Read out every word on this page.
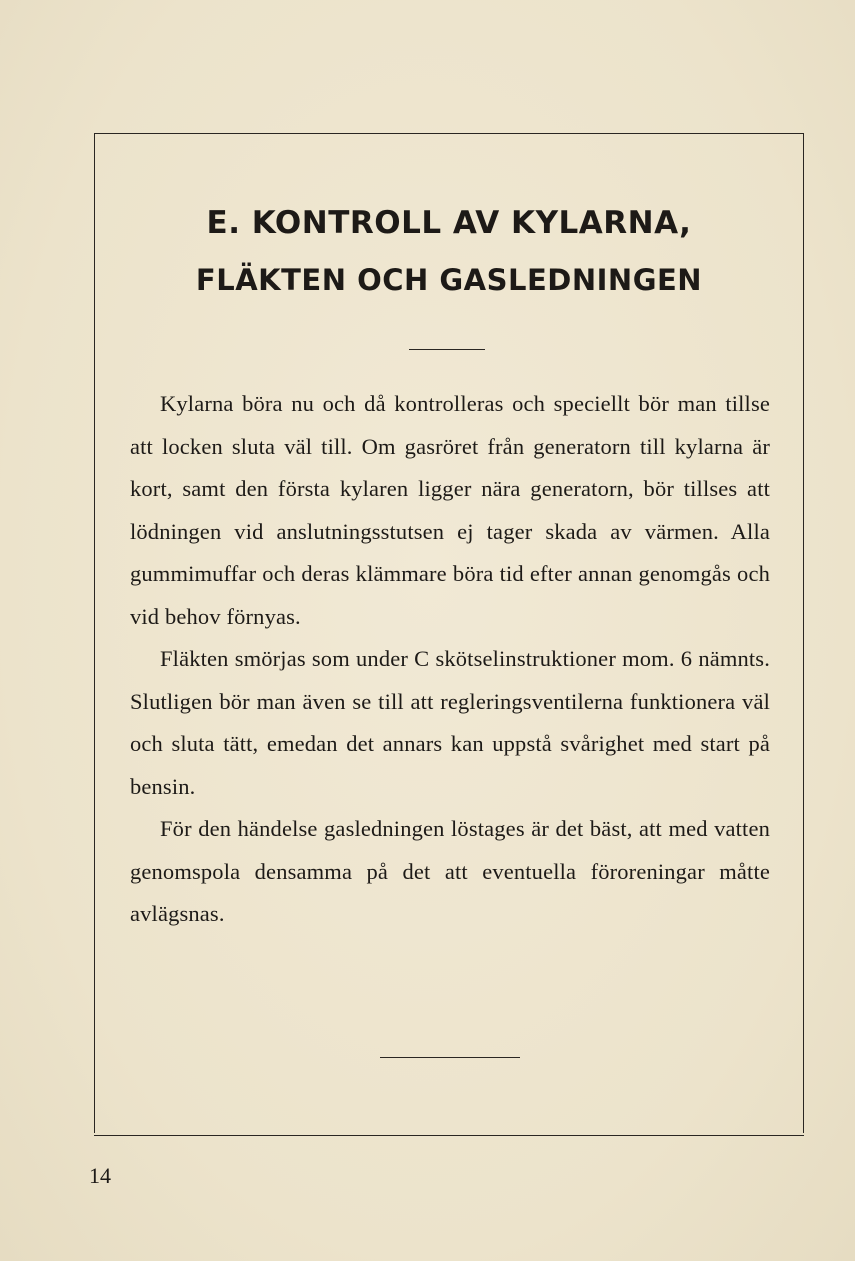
E. KONTROLL AV KYLARNA,
FLÄKTEN OCH GASLEDNINGEN

Kylarna böra nu och då kontrolleras och speciellt bör man tillse att locken sluta väl till. Om gasröret från generatorn till kylarna är kort, samt den första kylaren ligger nära generatorn, bör tillses att lödningen vid anslutningsstutsen ej tager skada av värmen. Alla gummimuffar och deras klämmare böra tid efter annan genomgås och vid behov förnyas.

Fläkten smörjas som under C skötselinstruktioner mom. 6 nämnts. Slutligen bör man även se till att regleringsventilerna funktionera väl och sluta tätt, emedan det annars kan uppstå svårighet med start på bensin.

För den händelse gasledningen löstages är det bäst, att med vatten genomspola densamma på det att eventuella föroreningar måtte avlägsnas.

14
